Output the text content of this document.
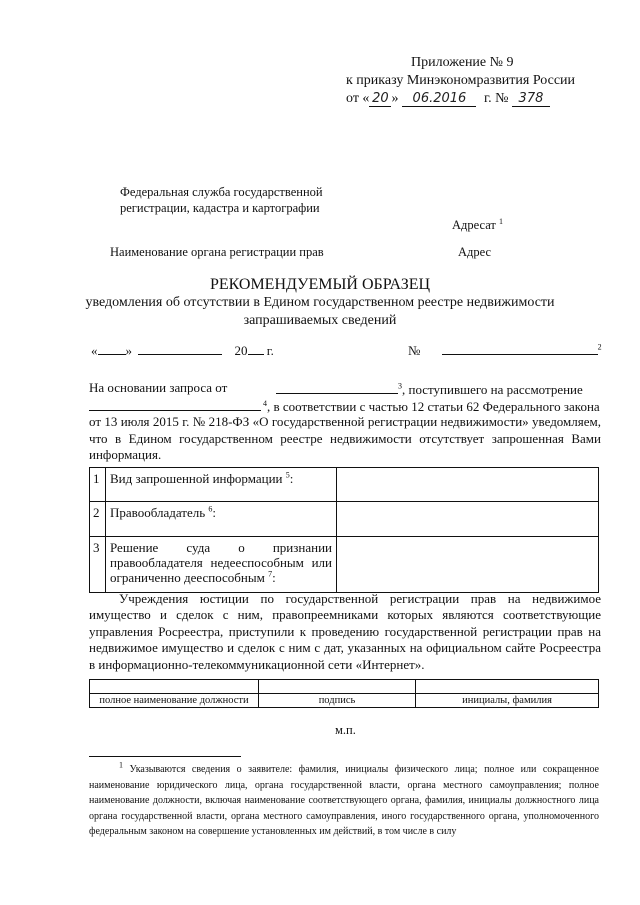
Приложение № 9
к приказу Минэкономразвития России
от « 20 » 06.2016 г. № 378
Федеральная служба государственной
регистрации, кадастра и картографии
Наименование органа регистрации прав
Адресат $^1$
Адрес
РЕКОМЕНДУЕМЫЙ ОБРАЗЕЦ
уведомления об отсутствии в Едином государственном реестре недвижимости
запрашиваемых сведений
« »	20 г.	№	$^2$
На основании запроса от	$^3$, поступившего на рассмотрение
$^4$, в соответствии с частью 12 статьи 62 Федерального закона
от 13 июля 2015 г. № 218-ФЗ «О государственной регистрации недвижимости» уведомляем,
что в Едином государственном реестре недвижимости отсутствует запрошенная Вами
информация.
1	Вид запрошенной информации $^5$:	
2	Правообладатель $^6$:	
3	Решение суда о признании правообладателя недееспособным или ограниченно дееспособным $^7$:	
Учреждения юстиции по государственной регистрации прав на недвижимое имущество и сделок с ним, правопреемниками которых являются соответствующие управления Росреестра, приступили к проведению государственной регистрации прав на недвижимое имущество и сделок с ним с дат, указанных на официальном сайте Росреестра в информационно-телекоммуникационной сети «Интернет».

полное наименование должности	подпись	инициалы, фамилия
м.п.
$^1$ Указываются сведения о заявителе: фамилия, инициалы физического лица; полное или сокращенное наименование юридического лица, органа государственной власти, органа местного самоуправления; полное наименование должности, включая наименование соответствующего органа, фамилия, инициалы должностного лица органа государственной власти, органа местного самоуправления, иного государственного органа, уполномоченного федеральным законом на совершение установленных им действий, в том числе в силу
